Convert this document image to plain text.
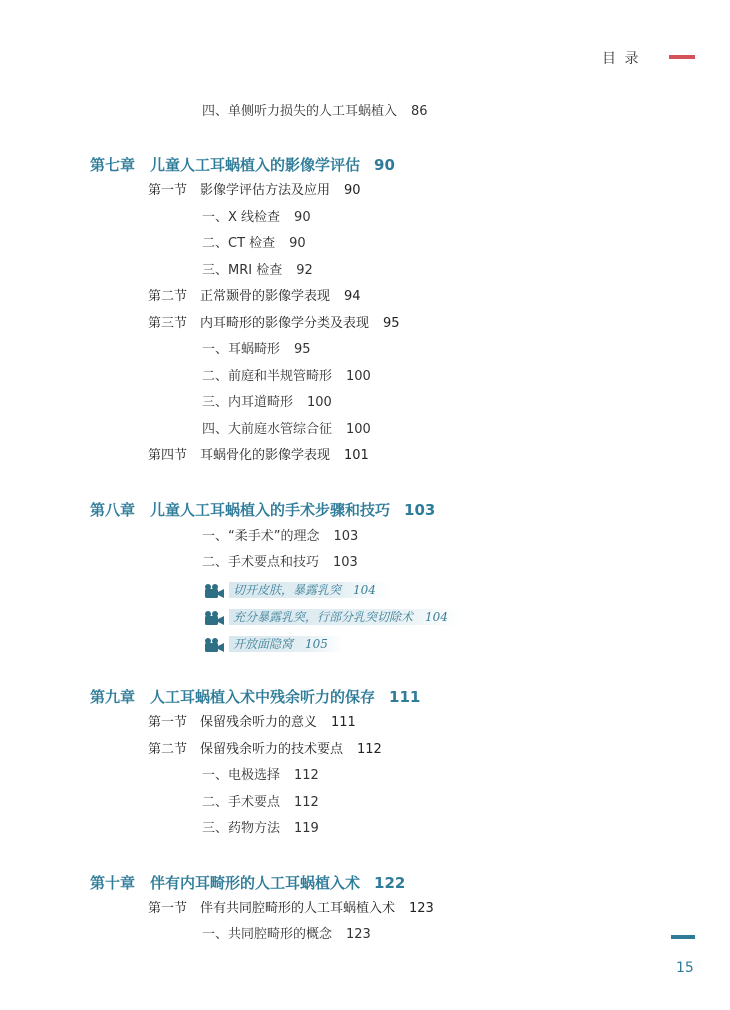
目 录
四、单侧听力损失的人工耳蜗植入 86
第七章　儿童人工耳蜗植入的影像学评估 90
第一节　影像学评估方法及应用 90
一、X 线检查 90
二、CT 检查 90
三、MRI 检查 92
第二节　正常颞骨的影像学表现 94
第三节　内耳畸形的影像学分类及表现 95
一、耳蜗畸形 95
二、前庭和半规管畸形 100
三、内耳道畸形 100
四、大前庭水管综合征 100
第四节　耳蜗骨化的影像学表现 101
第八章　儿童人工耳蜗植入的手术步骤和技巧 103
一、“柔手术”的理念 103
二、手术要点和技巧 103
切开皮肤，暴露乳突 104
充分暴露乳突，行部分乳突切除术 104
开放面隐窝 105
第九章　人工耳蜗植入术中残余听力的保存 111
第一节　保留残余听力的意义 111
第二节　保留残余听力的技术要点 112
一、电极选择 112
二、手术要点 112
三、药物方法 119
第十章　伴有内耳畸形的人工耳蜗植入术 122
第一节　伴有共同腔畸形的人工耳蜗植入术 123
一、共同腔畸形的概念 123
15
